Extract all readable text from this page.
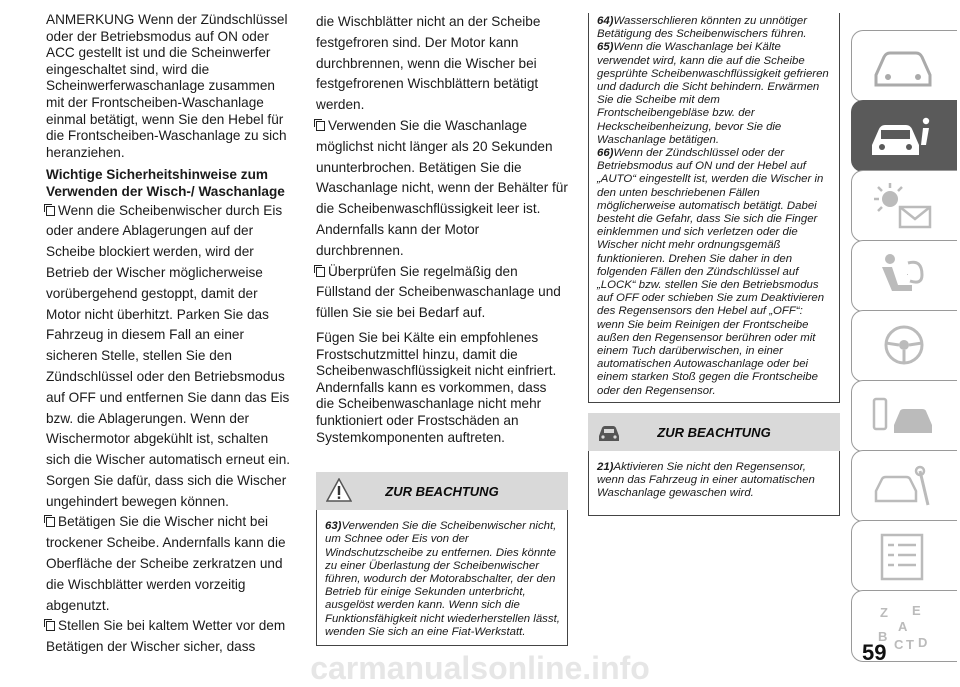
ANMERKUNG Wenn der Zündschlüssel oder der Betriebsmodus auf ON oder ACC gestellt ist und die Scheinwerfer eingeschaltet sind, wird die Scheinwerferwaschanlage zusammen mit der Frontscheiben-Waschanlage einmal betätigt, wenn Sie den Hebel für die Frontscheiben-Waschanlage zu sich heranziehen.

Wichtige Sicherheitshinweise zum Verwenden der Wisch-/ Waschanlage

Wenn die Scheibenwischer durch Eis oder andere Ablagerungen auf der Scheibe blockiert werden, wird der Betrieb der Wischer möglicherweise vorübergehend gestoppt, damit der Motor nicht überhitzt. Parken Sie das Fahrzeug in diesem Fall an einer sicheren Stelle, stellen Sie den Zündschlüssel oder den Betriebsmodus auf OFF und entfernen Sie dann das Eis bzw. die Ablagerungen. Wenn der Wischermotor abgekühlt ist, schalten sich die Wischer automatisch erneut ein. Sorgen Sie dafür, dass sich die Wischer ungehindert bewegen können.

Betätigen Sie die Wischer nicht bei trockener Scheibe. Andernfalls kann die Oberfläche der Scheibe zerkratzen und die Wischblätter werden vorzeitig abgenutzt.

Stellen Sie bei kaltem Wetter vor dem Betätigen der Wischer sicher, dass

die Wischblätter nicht an der Scheibe festgefroren sind. Der Motor kann durchbrennen, wenn die Wischer bei festgefrorenen Wischblättern betätigt werden.

Verwenden Sie die Waschanlage möglichst nicht länger als 20 Sekunden ununterbrochen. Betätigen Sie die Waschanlage nicht, wenn der Behälter für die Scheibenwaschflüssigkeit leer ist. Andernfalls kann der Motor durchbrennen.

Überprüfen Sie regelmäßig den Füllstand der Scheibenwaschanlage und füllen Sie sie bei Bedarf auf.

Fügen Sie bei Kälte ein empfohlenes Frostschutzmittel hinzu, damit die Scheibenwaschflüssigkeit nicht einfriert. Andernfalls kann es vorkommen, dass die Scheibenwaschanlage nicht mehr funktioniert oder Frostschäden an Systemkomponenten auftreten.

ZUR BEACHTUNG

63)Verwenden Sie die Scheibenwischer nicht, um Schnee oder Eis von der Windschutzscheibe zu entfernen. Dies könnte zu einer Überlastung der Scheibenwischer führen, wodurch der Motorabschalter, der den Betrieb für einige Sekunden unterbricht, ausgelöst werden kann. Wenn sich die Funktionsfähigkeit nicht wiederherstellen lässt, wenden Sie sich an eine Fiat-Werkstatt.

64)Wasserschlieren könnten zu unnötiger Betätigung des Scheibenwischers führen.

65)Wenn die Waschanlage bei Kälte verwendet wird, kann die auf die Scheibe gesprühte Scheibenwaschflüssigkeit gefrieren und dadurch die Sicht behindern. Erwärmen Sie die Scheibe mit dem Frontscheibengebläse bzw. der Heckscheibenheizung, bevor Sie die Waschanlage betätigen.

66)Wenn der Zündschlüssel oder der Betriebsmodus auf ON und der Hebel auf „AUTO“ eingestellt ist, werden die Wischer in den unten beschriebenen Fällen möglicherweise automatisch betätigt. Dabei besteht die Gefahr, dass Sie sich die Finger einklemmen und sich verletzen oder die Wischer nicht mehr ordnungsgemäß funktionieren. Drehen Sie daher in den folgenden Fällen den Zündschlüssel auf „LOCK“ bzw. stellen Sie den Betriebsmodus auf OFF oder schieben Sie zum Deaktivieren des Regensensors den Hebel auf „OFF“: wenn Sie beim Reinigen der Frontscheibe außen den Regensensor berühren oder mit einem Tuch darüberwischen, in einer automatischen Autowaschanlage oder bei einem starken Stoß gegen die Frontscheibe oder den Regensensor.

ZUR BEACHTUNG

21)Aktivieren Sie nicht den Regensensor, wenn das Fahrzeug in einer automatischen Waschanlage gewaschen wird.

·
Z E
A
B
C T D
59
carmanualsonline.info
